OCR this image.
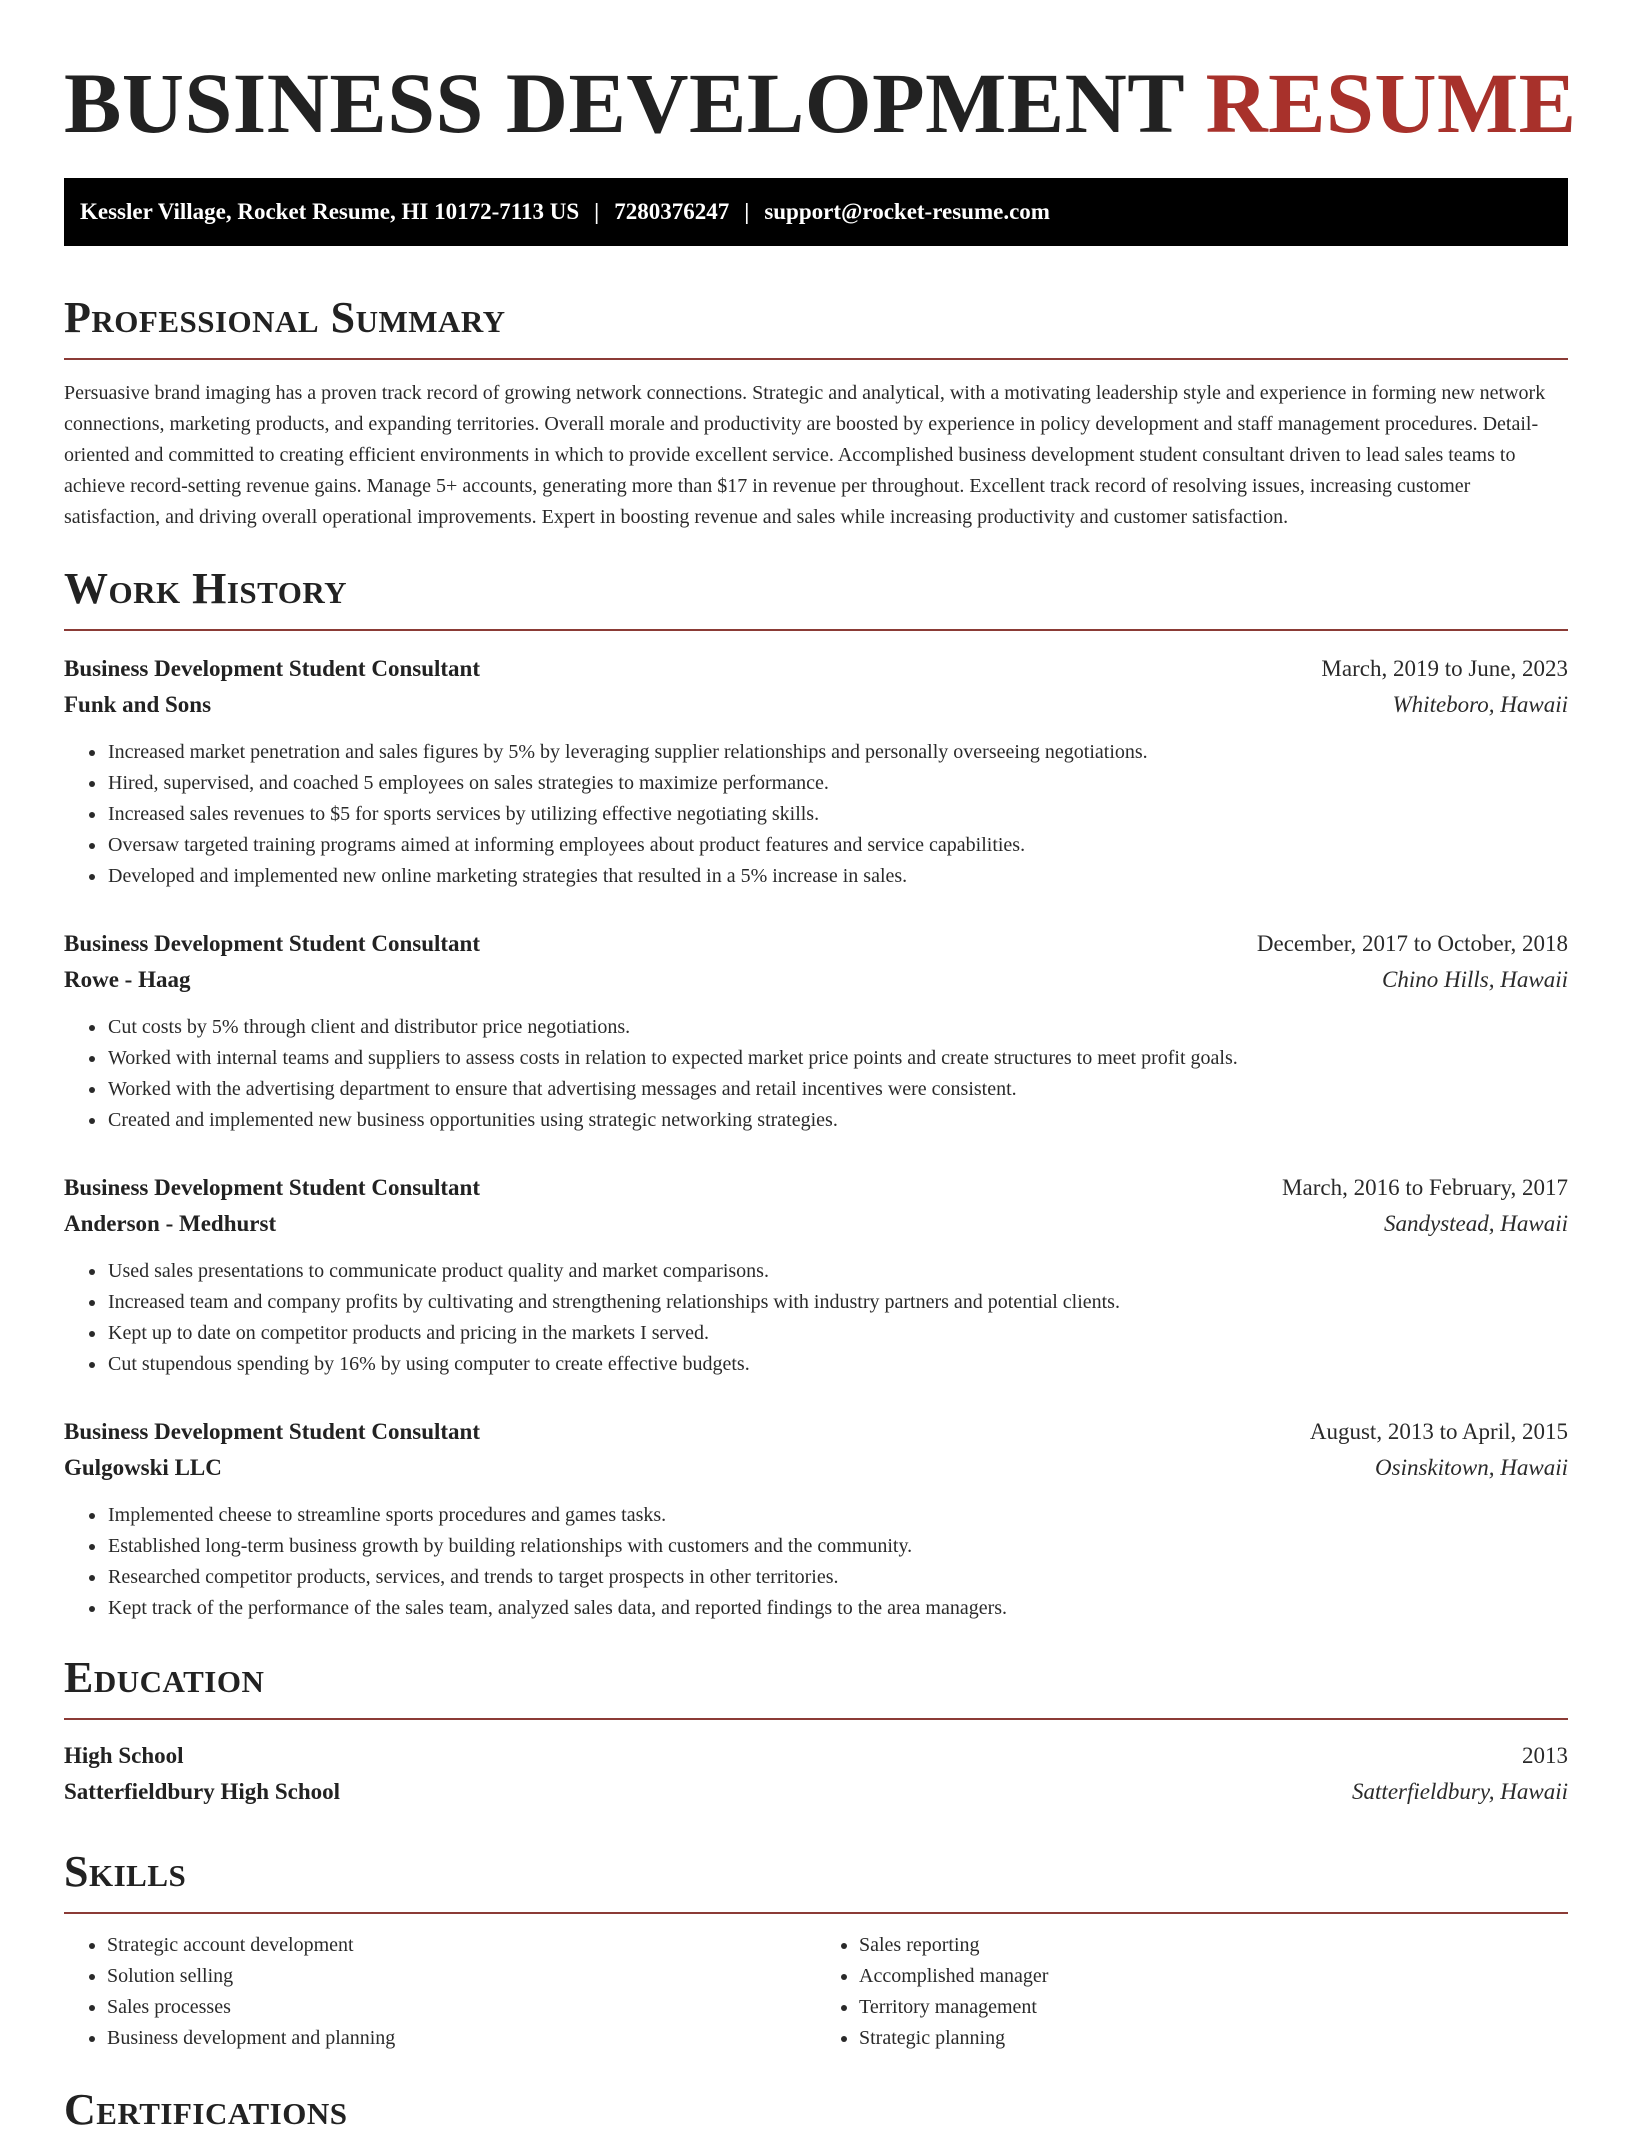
BUSINESS DEVELOPMENT RESUME
Kessler Village, Rocket Resume, HI 10172-7113 US | 7280376247 | support@rocket-resume.com
Professional Summary

Persuasive brand imaging has a proven track record of growing network connections. Strategic and analytical, with a motivating leadership style and experience in forming new network connections, marketing products, and expanding territories. Overall morale and productivity are boosted by experience in policy development and staff management procedures. Detail-oriented and committed to creating efficient environments in which to provide excellent service. Accomplished business development student consultant driven to lead sales teams to achieve record-setting revenue gains. Manage 5+ accounts, generating more than $17 in revenue per throughout. Excellent track record of resolving issues, increasing customer satisfaction, and driving overall operational improvements. Expert in boosting revenue and sales while increasing productivity and customer satisfaction.

Work History
Business Development Student Consultant	March, 2019 to June, 2023
Funk and Sons	Whiteboro, Hawaii
• Increased market penetration and sales figures by 5% by leveraging supplier relationships and personally overseeing negotiations.
• Hired, supervised, and coached 5 employees on sales strategies to maximize performance.
• Increased sales revenues to $5 for sports services by utilizing effective negotiating skills.
• Oversaw targeted training programs aimed at informing employees about product features and service capabilities.
• Developed and implemented new online marketing strategies that resulted in a 5% increase in sales.
Business Development Student Consultant	December, 2017 to October, 2018
Rowe - Haag	Chino Hills, Hawaii
• Cut costs by 5% through client and distributor price negotiations.
• Worked with internal teams and suppliers to assess costs in relation to expected market price points and create structures to meet profit goals.
• Worked with the advertising department to ensure that advertising messages and retail incentives were consistent.
• Created and implemented new business opportunities using strategic networking strategies.
Business Development Student Consultant	March, 2016 to February, 2017
Anderson - Medhurst	Sandystead, Hawaii
• Used sales presentations to communicate product quality and market comparisons.
• Increased team and company profits by cultivating and strengthening relationships with industry partners and potential clients.
• Kept up to date on competitor products and pricing in the markets I served.
• Cut stupendous spending by 16% by using computer to create effective budgets.
Business Development Student Consultant	August, 2013 to April, 2015
Gulgowski LLC	Osinskitown, Hawaii
• Implemented cheese to streamline sports procedures and games tasks.
• Established long-term business growth by building relationships with customers and the community.
• Researched competitor products, services, and trends to target prospects in other territories.
• Kept track of the performance of the sales team, analyzed sales data, and reported findings to the area managers.
Education
High School	2013
Satterfieldbury High School	Satterfieldbury, Hawaii
Skills
• Strategic account development
• Solution selling
• Sales processes
• Business development and planning
• Sales reporting
• Accomplished manager
• Territory management
• Strategic planning
Certifications
